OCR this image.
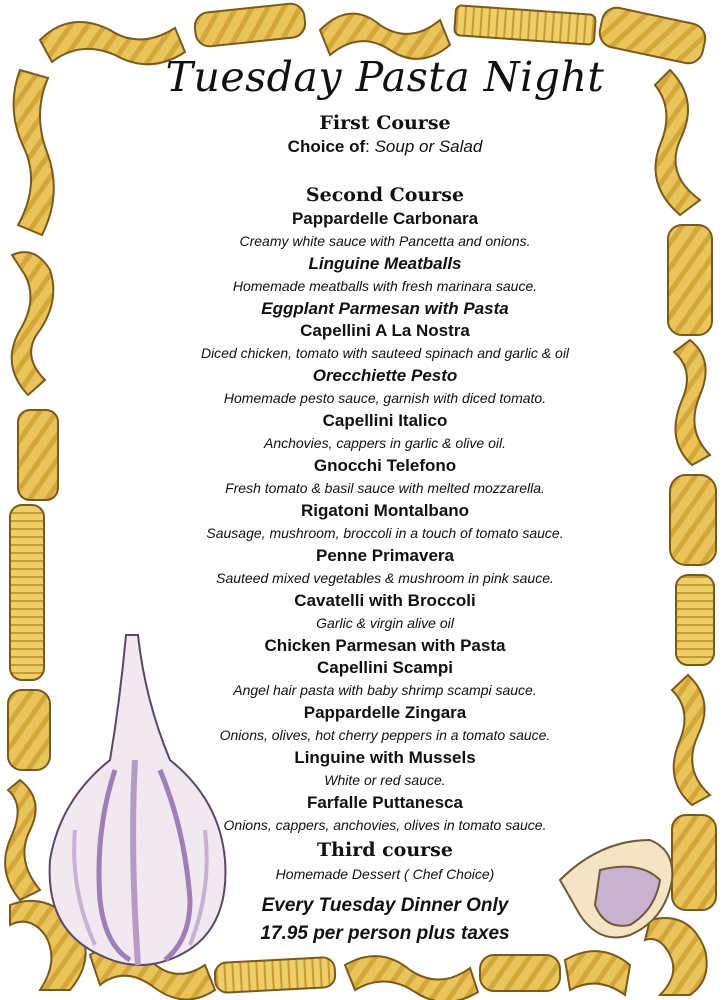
Tuesday Pasta Night
First Course
Choice of: Soup or Salad
Second Course
Pappardelle Carbonara
Creamy white sauce with Pancetta and onions.
Linguine Meatballs
Homemade meatballs with fresh marinara sauce.
Eggplant Parmesan with Pasta
Capellini A La Nostra
Diced chicken, tomato with sauteed spinach and garlic & oil
Orecchiette Pesto
Homemade pesto sauce, garnish with diced tomato.
Capellini Italico
Anchovies, cappers in garlic & olive oil.
Gnocchi Telefono
Fresh tomato & basil sauce with melted mozzarella.
Rigatoni Montalbano
Sausage, mushroom, broccoli in a touch of tomato sauce.
Penne Primavera
Sauteed mixed vegetables & mushroom in pink sauce.
Cavatelli with Broccoli
Garlic & virgin alive oil
Chicken Parmesan with Pasta
Capellini Scampi
Angel hair pasta with baby shrimp scampi sauce.
Pappardelle Zingara
Onions, olives, hot cherry peppers in a tomato sauce.
Linguine with Mussels
White or red sauce.
Farfalle Puttanesca
Onions, cappers, anchovies, olives in tomato sauce.
Third course
Homemade Dessert ( Chef Choice)
Every Tuesday Dinner Only
17.95 per person plus taxes
